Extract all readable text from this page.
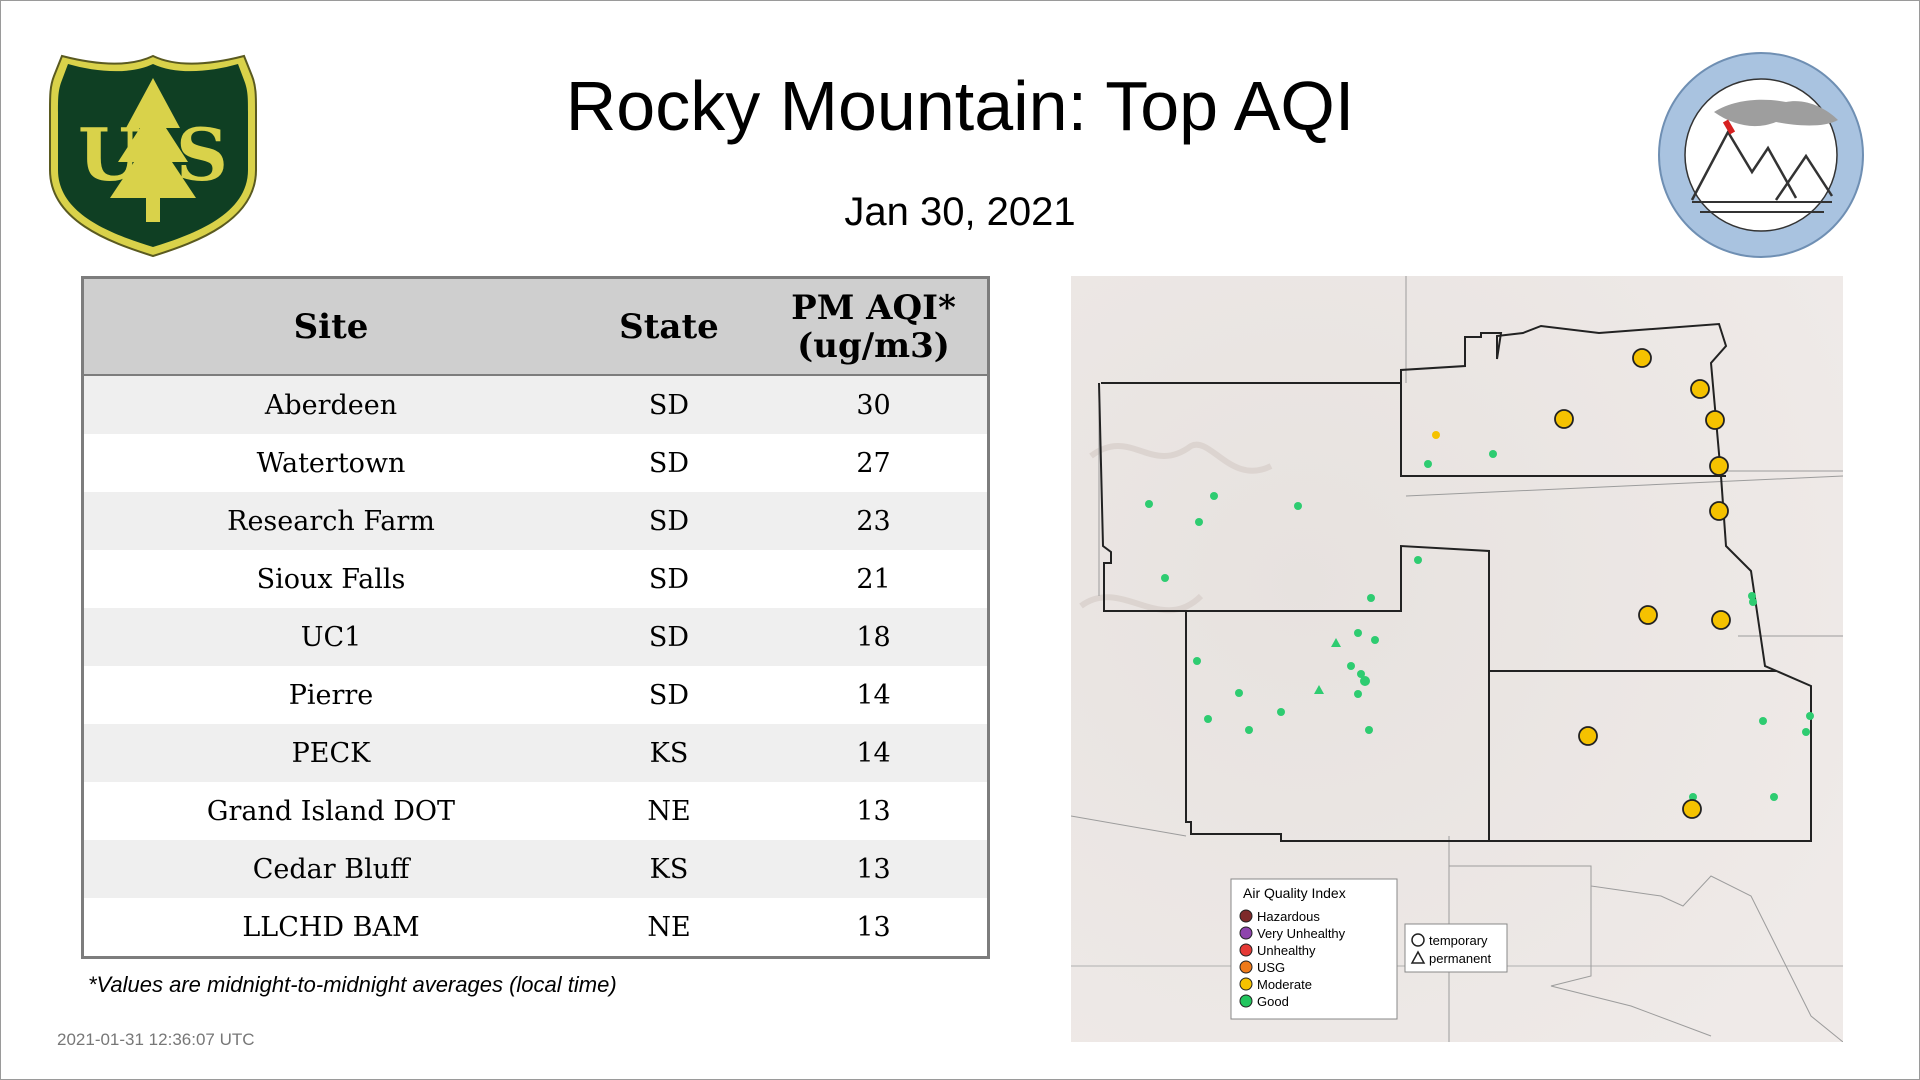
U S
Rocky Mountain: Top AQI
Jan 30, 2021
Site	State	PM AQI*
(ug/m3)
Aberdeen	SD	30
Watertown	SD	27
Research Farm	SD	23
Sioux Falls	SD	21
UC1	SD	18
Pierre	SD	14
PECK	KS	14
Grand Island DOT	NE	13
Cedar Bluff	KS	13
LLCHD BAM	NE	13
*Values are midnight-to-midnight averages (local time)
2021-01-31 12:36:07 UTC
Air Quality Index
Hazardous
Very Unhealthy
Unhealthy
USG
Moderate
Good
temporary
permanent
